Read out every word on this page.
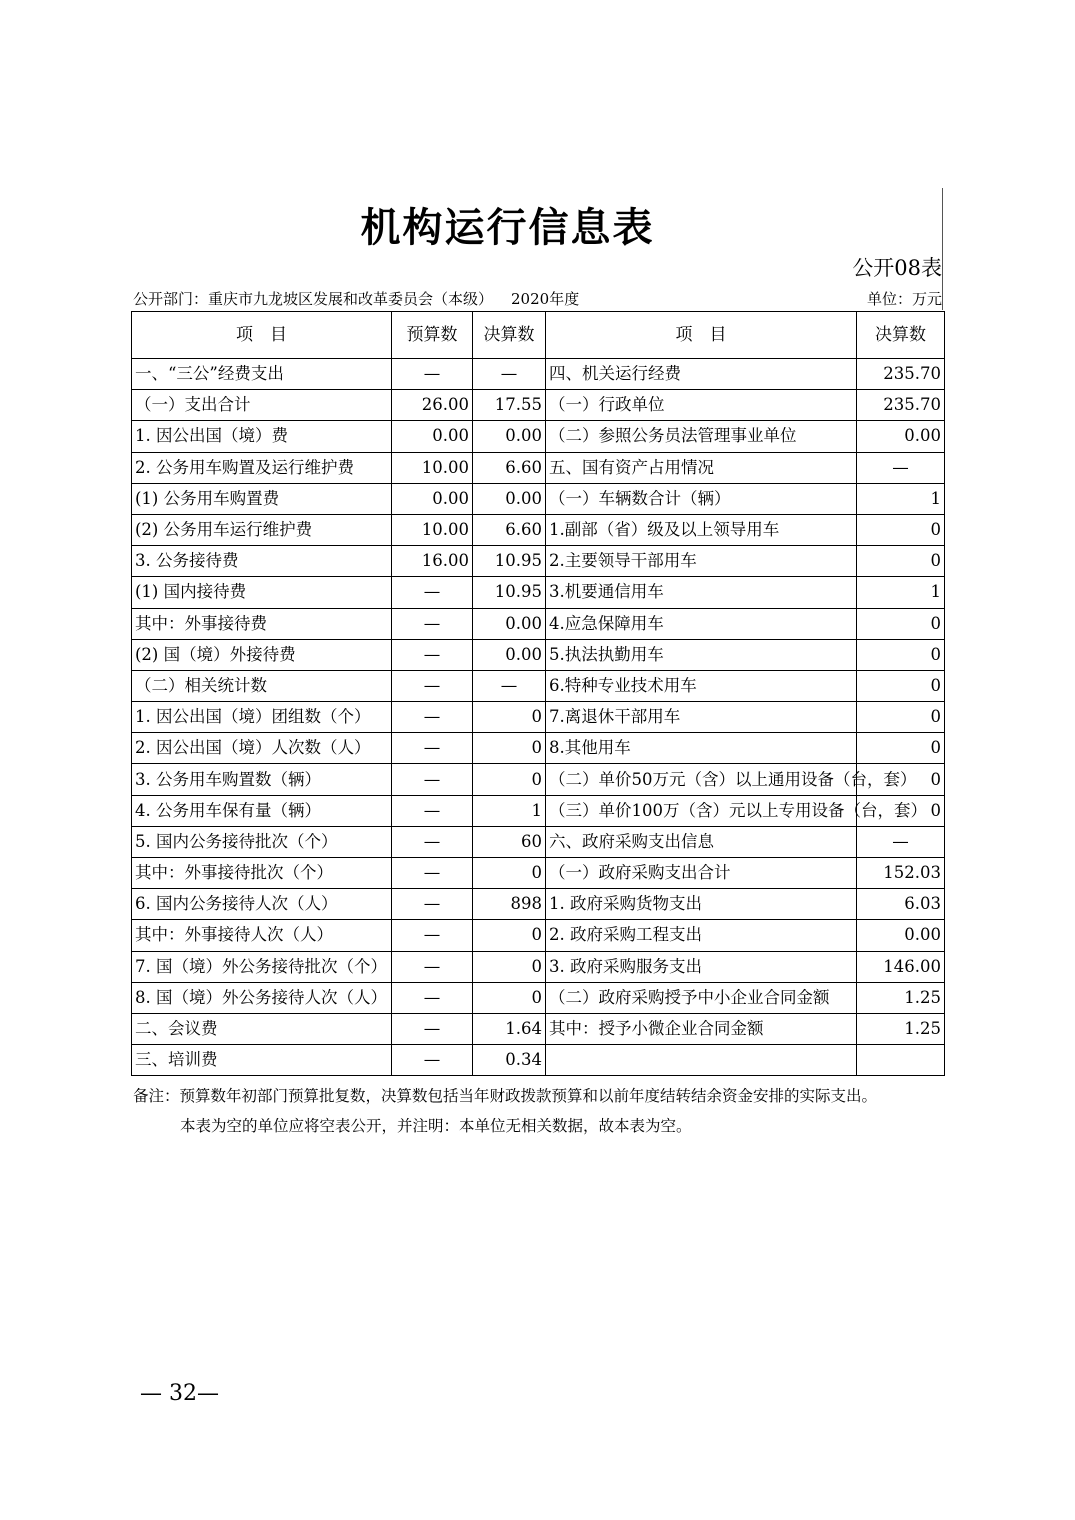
机构运行信息表
公开08表
公开部门：重庆市九龙坡区发展和改革委员会（本级） 2020年度	单位：万元
项　目	预算数	决算数	项　目	决算数
一、“三公”经费支出	—	—	四、机关运行经费	235.70
（一）支出合计	26.00	17.55	（一）行政单位	235.70
1. 因公出国（境）费	0.00	0.00	（二）参照公务员法管理事业单位	0.00
2. 公务用车购置及运行维护费	10.00	6.60	五、国有资产占用情况	—
(1) 公务用车购置费	0.00	0.00	（一）车辆数合计（辆）	1
(2) 公务用车运行维护费	10.00	6.60	1.副部（省）级及以上领导用车	0
3. 公务接待费	16.00	10.95	2.主要领导干部用车	0
(1) 国内接待费	—	10.95	3.机要通信用车	1
其中：外事接待费	—	0.00	4.应急保障用车	0
(2) 国（境）外接待费	—	0.00	5.执法执勤用车	0
（二）相关统计数	—	—	6.特种专业技术用车	0
1. 因公出国（境）团组数（个）	—	0	7.离退休干部用车	0
2. 因公出国（境）人次数（人）	—	0	8.其他用车	0
3. 公务用车购置数（辆）	—	0	（二）单价50万元（含）以上通用设备（台，套）	0
4. 公务用车保有量（辆）	—	1	（三）单价100万（含）元以上专用设备（台，套）	0
5. 国内公务接待批次（个）	—	60	六、政府采购支出信息	—
其中：外事接待批次（个）	—	0	（一）政府采购支出合计	152.03
6. 国内公务接待人次（人）	—	898	1. 政府采购货物支出	6.03
其中：外事接待人次（人）	—	0	2. 政府采购工程支出	0.00
7. 国（境）外公务接待批次（个）	—	0	3. 政府采购服务支出	146.00
8. 国（境）外公务接待人次（人）	—	0	（二）政府采购授予中小企业合同金额	1.25
二、会议费	—	1.64	其中：授予小微企业合同金额	1.25
三、培训费	—	0.34		
备注：预算数年初部门预算批复数，决算数包括当年财政拨款预算和以前年度结转结余资金安排的实际支出。
本表为空的单位应将空表公开，并注明：本单位无相关数据，故本表为空。
— 32—
